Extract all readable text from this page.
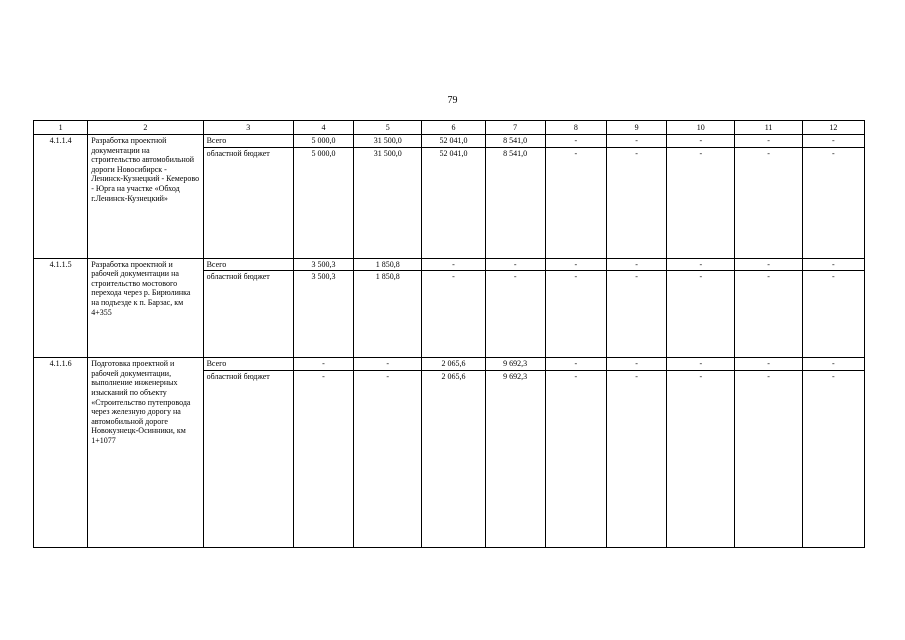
79
1	2	3	4	5	6	7	8	9	10	11	12
4.1.1.4	Разработка проектной документации на строительство автомобильной дороги Новосибирск - Ленинск-Кузнецкий - Кемерово - Юрга на участке «Обход г.Ленинск-Кузнецкий»	Всего	5 000,0	31 500,0	52 041,0	8 541,0	-	-	-	-	-
		областной бюджет	5 000,0	31 500,0	52 041,0	8 541,0	-	-	-	-	-
4.1.1.5	Разработка проектной и рабочей документации на строительство мостового перехода через р. Бирюлинка на подъезде к п. Барзас, км 4+355	Всего	3 500,3	1 850,8	-	-	-	-	-	-	-
		областной бюджет	3 500,3	1 850,8	-	-	-	-	-	-	-
4.1.1.6	Подготовка проектной и рабочей документации, выполнение инженерных изысканий по объекту «Строительство путепровода через железную дорогу на автомобильной дороге Новокузнецк-Осинники, км 1+1077	Всего	-	-	2 065,6	9 692,3	-	-	-	-	-
		областной бюджет	-	-	2 065,6	9 692,3	-	-	-	-	-
